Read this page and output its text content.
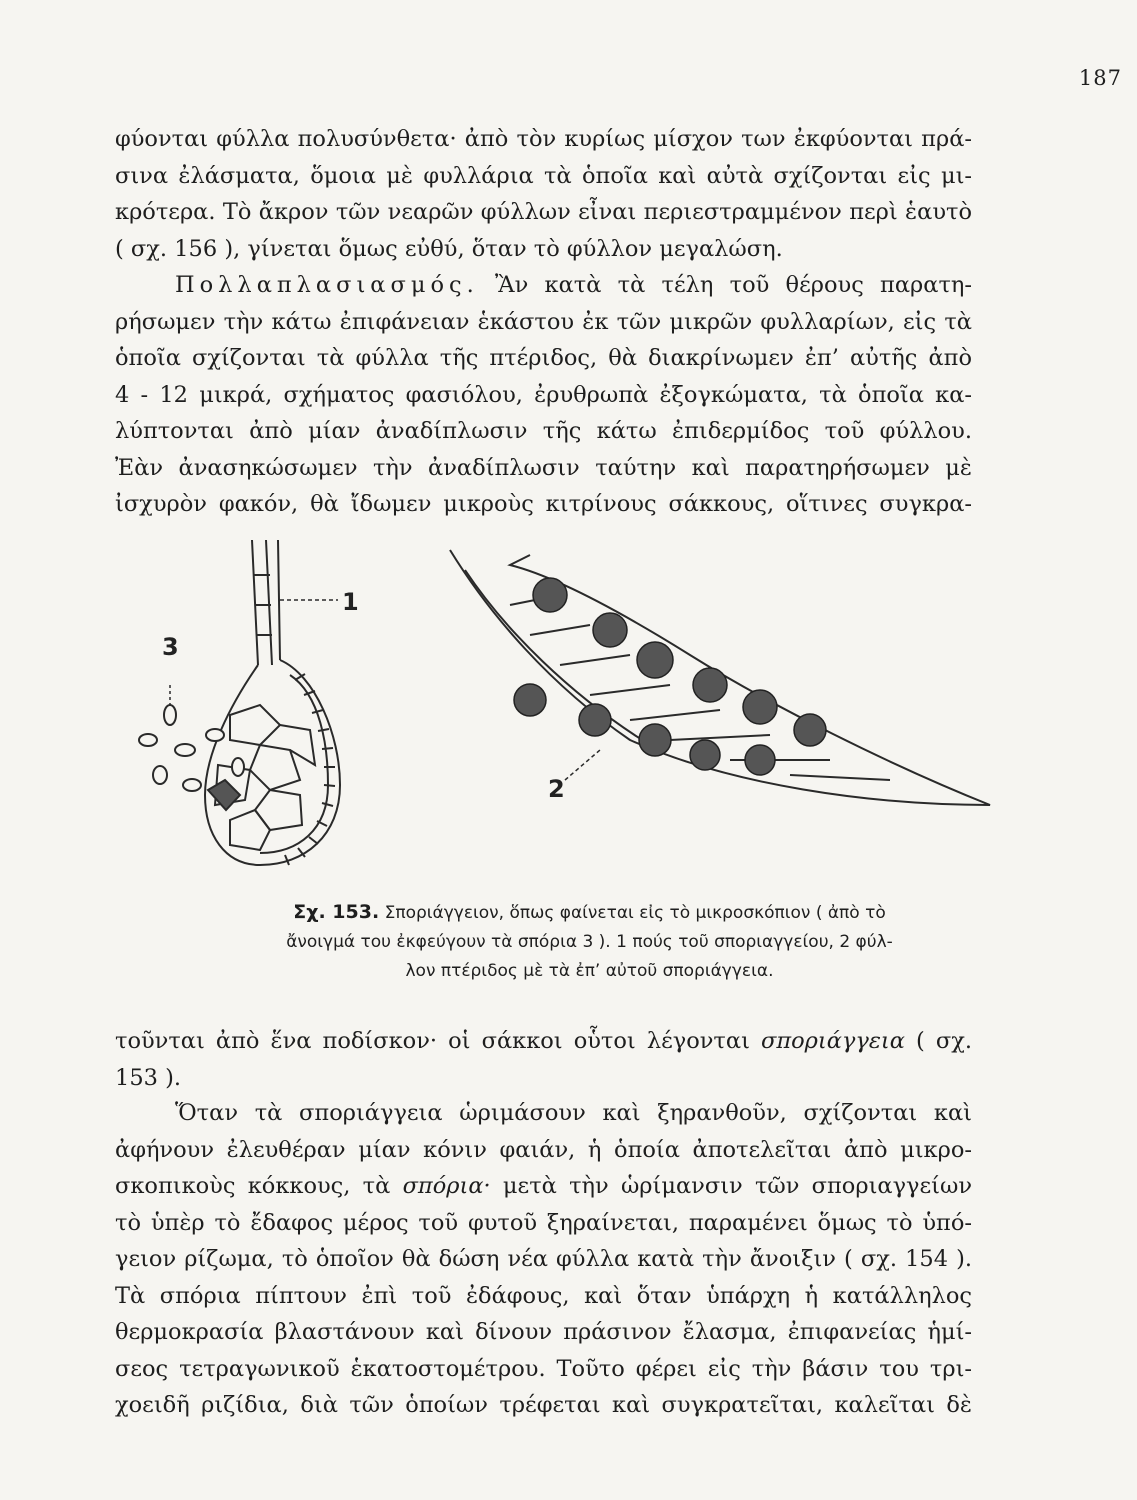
187

φύονται φύλλα πολυσύνθετα· ἀπὸ τὸν κυρίως μίσχον των ἐκφύονται πρά-
σινα ἐλάσματα, ὅμοια μὲ φυλλάρια τὰ ὁποῖα καὶ αὐτὰ σχίζονται εἰς μι-
κρότερα. Τὸ ἄκρον τῶν νεαρῶν φύλλων εἶναι περιεστραμμένον περὶ ἑαυτὸ
( σχ. 156 ), γίνεται ὅμως εὐθύ, ὅταν τὸ φύλλον μεγαλώση.

Πολλαπλασιασμός. Ἂν κατὰ τὰ τέλη τοῦ θέρους παρατη-
ρήσωμεν τὴν κάτω ἐπιφάνειαν ἑκάστου ἐκ τῶν μικρῶν φυλλαρίων, εἰς τὰ
ὁποῖα σχίζονται τὰ φύλλα τῆς πτέριδος, θὰ διακρίνωμεν ἐπ’ αὐτῆς ἀπὸ
4 - 12 μικρά, σχήματος φασιόλου, ἐρυθρωπὰ ἐξογκώματα, τὰ ὁποῖα κα-
λύπτονται ἀπὸ μίαν ἀναδίπλωσιν τῆς κάτω ἐπιδερμίδος τοῦ φύλλου.
Ἐὰν ἀνασηκώσωμεν τὴν ἀναδίπλωσιν ταύτην καὶ παρατηρήσωμεν μὲ
ἰσχυρὸν φακόν, θὰ ἴδωμεν μικροὺς κιτρίνους σάκκους, οἵτινες συγκρα-

1
3
2
Σχ. 153. Σποριάγγειον, ὅπως φαίνεται εἰς τὸ μικροσκόπιον ( ἀπὸ τὸ
ἄνοιγμά του ἐκφεύγουν τὰ σπόρια 3 ). 1 πούς τοῦ σποριαγγείου, 2 φύλ-
λον πτέριδος μὲ τὰ ἐπ’ αὐτοῦ σποριάγγεια.

τοῦνται ἀπὸ ἕνα ποδίσκον· οἱ σάκκοι οὗτοι λέγονται σποριάγγεια ( σχ.
153 ).

Ὅταν τὰ σποριάγγεια ὡριμάσουν καὶ ξηρανθοῦν, σχίζονται καὶ
ἀφήνουν ἐλευθέραν μίαν κόνιν φαιάν, ἡ ὁποία ἀποτελεῖται ἀπὸ μικρο-
σκοπικοὺς κόκκους, τὰ σπόρια· μετὰ τὴν ὡρίμανσιν τῶν σποριαγγείων
τὸ ὑπὲρ τὸ ἔδαφος μέρος τοῦ φυτοῦ ξηραίνεται, παραμένει ὅμως τὸ ὑπό-
γειον ρίζωμα, τὸ ὁποῖον θὰ δώση νέα φύλλα κατὰ τὴν ἄνοιξιν ( σχ. 154 ).
Τὰ σπόρια πίπτουν ἐπὶ τοῦ ἐδάφους, καὶ ὅταν ὑπάρχη ἡ κατάλληλος
θερμοκρασία βλαστάνουν καὶ δίνουν πράσινον ἔλασμα, ἐπιφανείας ἡμί-
σεος τετραγωνικοῦ ἑκατοστομέτρου. Τοῦτο φέρει εἰς τὴν βάσιν του τρι-
χοειδῆ ριζίδια, διὰ τῶν ὁποίων τρέφεται καὶ συγκρατεῖται, καλεῖται δὲ
